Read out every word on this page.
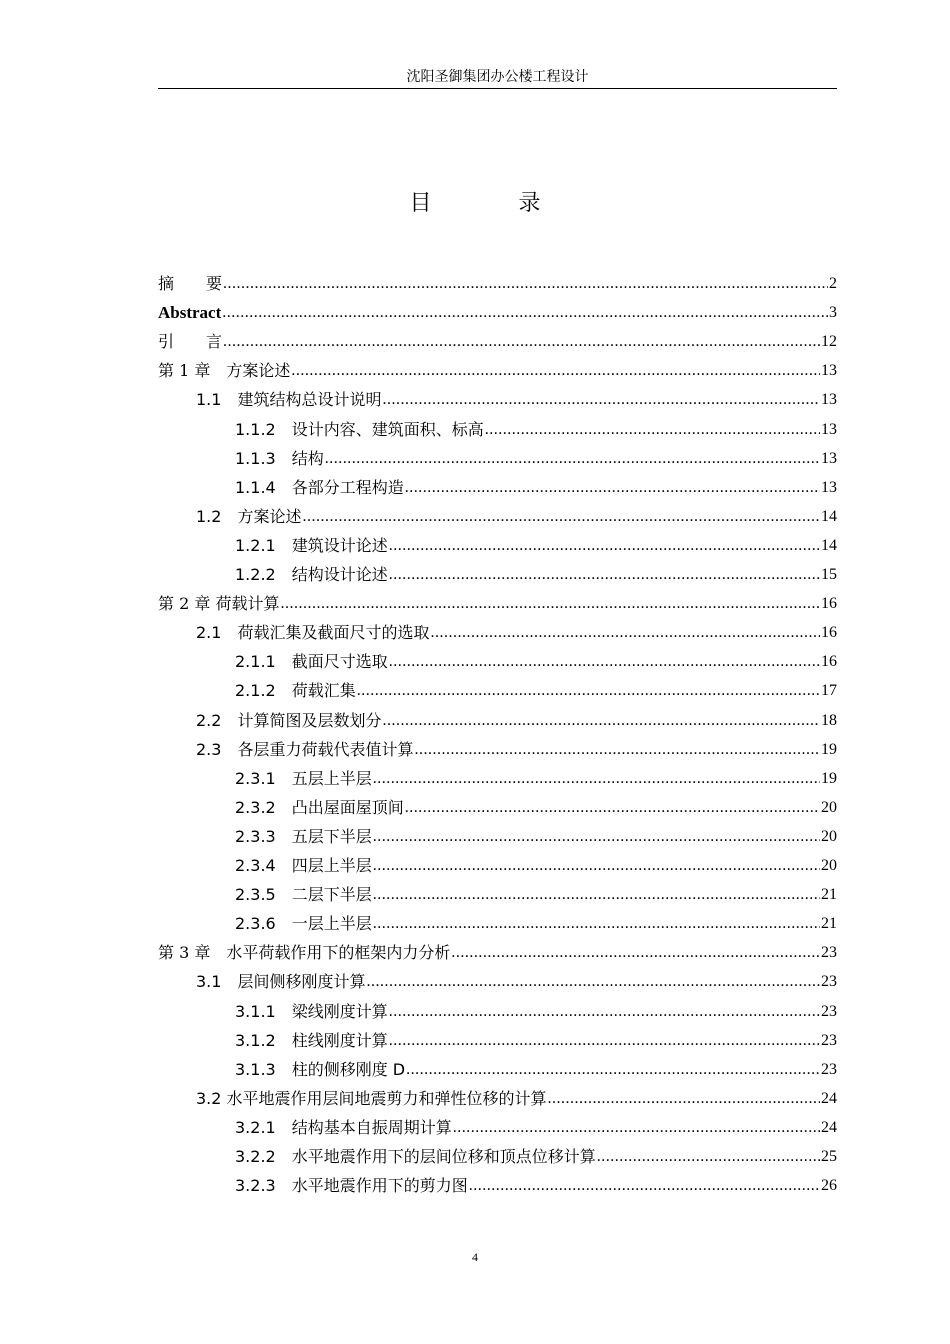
沈阳圣御集团办公楼工程设计
目 录
摘　　要 .....	2
Abstract .....	3
引　　言 .....	12
第 1 章　方案论述 .....	13
1.1　建筑结构总设计说明 .....	13
1.1.2　设计内容、建筑面积、标高 .....	13
1.1.3　结构 .....	13
1.1.4　各部分工程构造 .....	13
1.2　方案论述 .....	14
1.2.1　建筑设计论述 .....	14
1.2.2　结构设计论述 .....	15
第 2 章 荷载计算 .....	16
2.1　荷载汇集及截面尺寸的选取 .....	16
2.1.1　截面尺寸选取 .....	16
2.1.2　荷载汇集 .....	17
2.2　计算简图及层数划分 .....	18
2.3　各层重力荷载代表值计算 .....	19
2.3.1　五层上半层 .....	19
2.3.2　凸出屋面屋顶间 .....	20
2.3.3　五层下半层 .....	20
2.3.4　四层上半层 .....	20
2.3.5　二层下半层 .....	21
2.3.6　一层上半层 .....	21
第 3 章　水平荷载作用下的框架内力分析 .....	23
3.1　层间侧移刚度计算 .....	23
3.1.1　梁线刚度计算 .....	23
3.1.2　柱线刚度计算 .....	23
3.1.3　柱的侧移刚度 D .....	23
3.2 水平地震作用层间地震剪力和弹性位移的计算 .....	24
3.2.1　结构基本自振周期计算 .....	24
3.2.2　水平地震作用下的层间位移和顶点位移计算 .....	25
3.2.3　水平地震作用下的剪力图 .....	26
4
